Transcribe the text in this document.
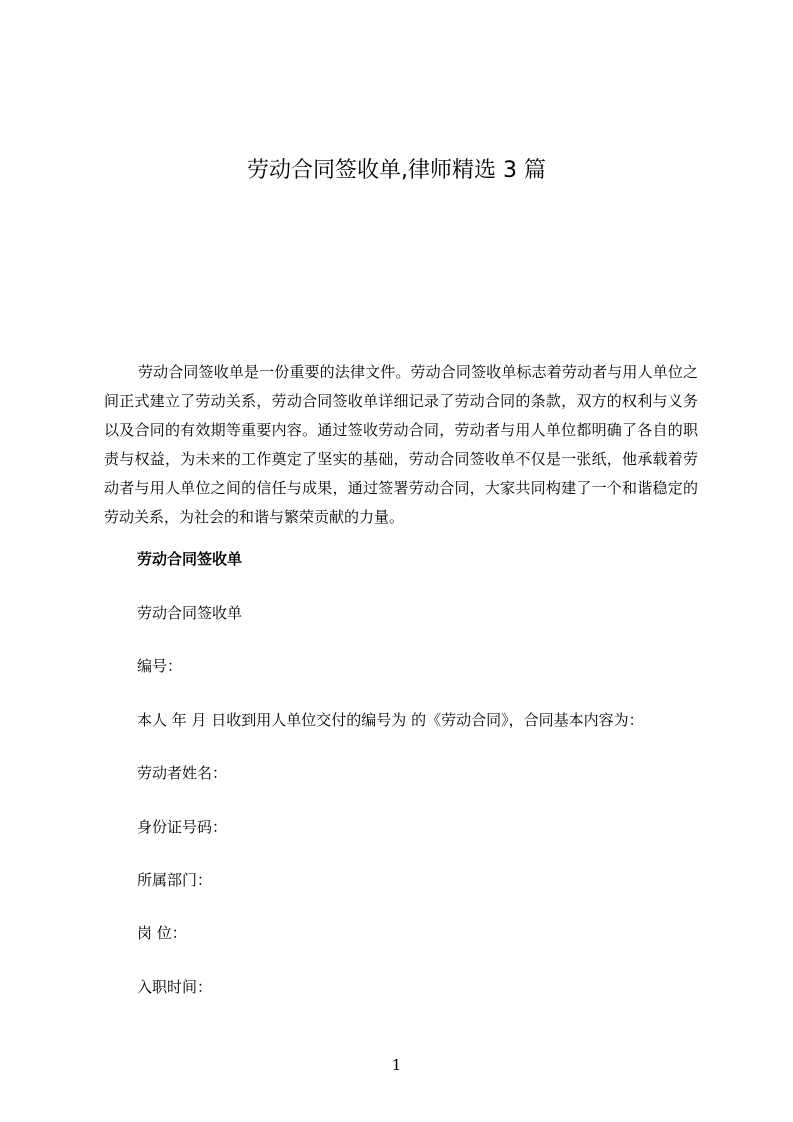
劳动合同签收单,律师精选 3 篇

劳动合同签收单是一份重要的法律文件。劳动合同签收单标志着劳动者与用人单位之间正式建立了劳动关系，劳动合同签收单详细记录了劳动合同的条款，双方的权利与义务以及合同的有效期等重要内容。通过签收劳动合同，劳动者与用人单位都明确了各自的职责与权益，为未来的工作奠定了坚实的基础，劳动合同签收单不仅是一张纸，他承载着劳动者与用人单位之间的信任与成果，通过签署劳动合同，大家共同构建了一个和谐稳定的劳动关系，为社会的和谐与繁荣贡献的力量。

劳动合同签收单

劳动合同签收单

编号：

本人 年 月 日收到用人单位交付的编号为 的《劳动合同》，合同基本内容为：

劳动者姓名：

身份证号码：

所属部门：

岗 位：

入职时间：

1
